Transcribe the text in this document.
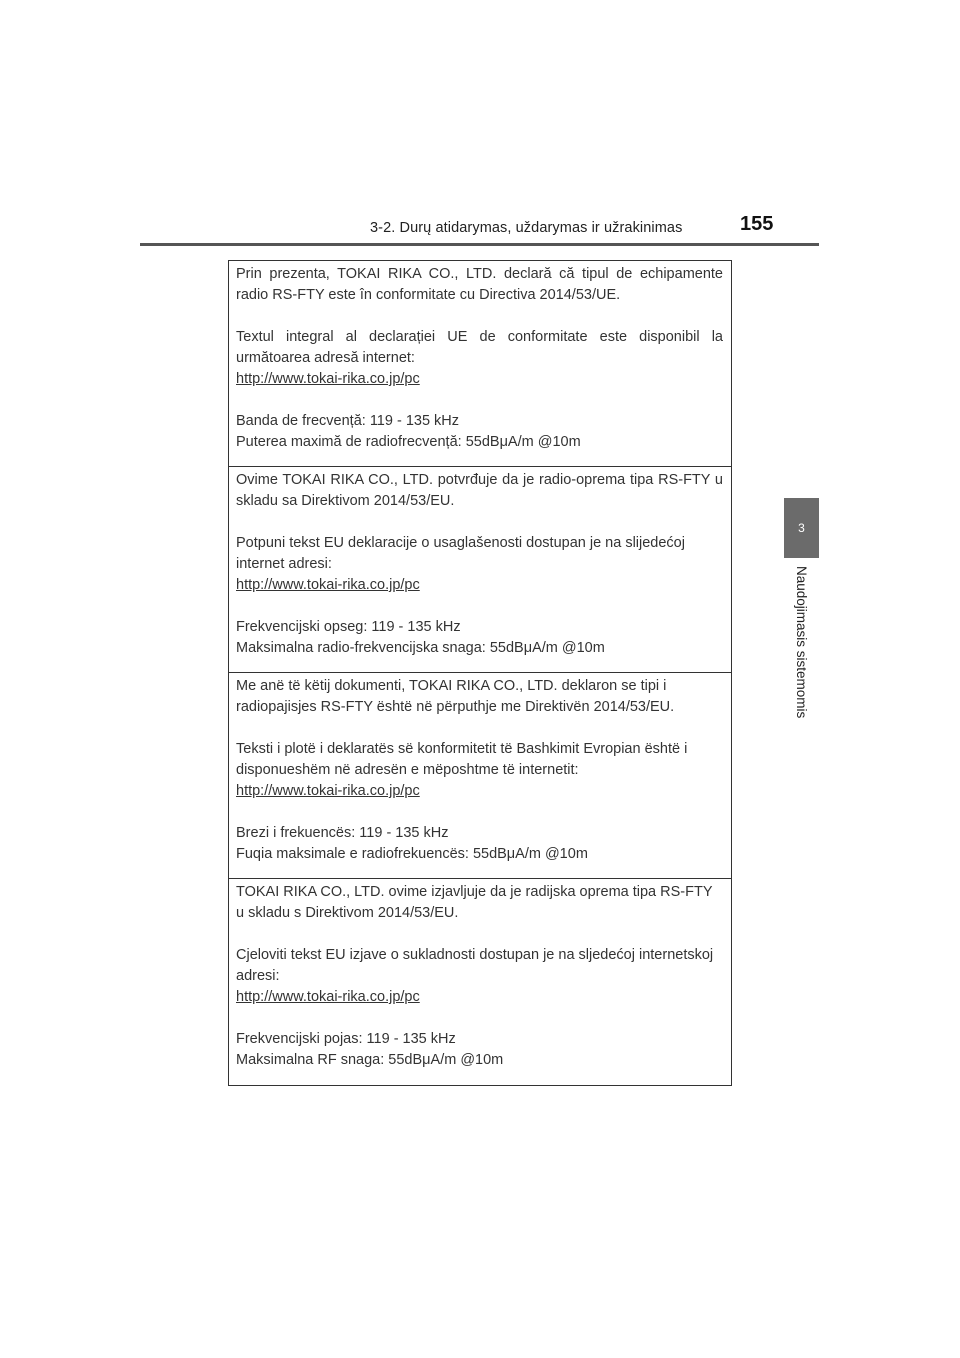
3-2. Durų atidarymas, uždarymas ir užrakinimas	155
3
Naudojimasis sistemomis

Prin prezenta, TOKAI RIKA CO., LTD. declară că tipul de echipamente radio RS-FTY este în conformitate cu Directiva 2014/53/UE.

Textul integral al declarației UE de conformitate este disponibil la următoarea adresă internet:

http://www.tokai-rika.co.jp/pc

Banda de frecvență: 119 - 135 kHz

Puterea maximă de radiofrecvență: 55dBμA/m @10m

Ovime TOKAI RIKA CO., LTD. potvrđuje da je radio-oprema tipa RS-FTY u skladu sa Direktivom 2014/53/EU.

Potpuni tekst EU deklaracije o usaglašenosti dostupan je na slijedećoj internet adresi:

http://www.tokai-rika.co.jp/pc

Frekvencijski opseg: 119 - 135 kHz

Maksimalna radio-frekvencijska snaga: 55dBμA/m @10m

Me anë të këtij dokumenti, TOKAI RIKA CO., LTD. deklaron se tipi i radiopajisjes RS-FTY është në përputhje me Direktivën 2014/53/EU.

Teksti i plotë i deklaratës së konformitetit të Bashkimit Evropian është i disponueshëm në adresën e mëposhtme të internetit:

http://www.tokai-rika.co.jp/pc

Brezi i frekuencës: 119 - 135 kHz

Fuqia maksimale e radiofrekuencës: 55dBμA/m @10m

TOKAI RIKA CO., LTD. ovime izjavljuje da je radijska oprema tipa RS-FTY u skladu s Direktivom 2014/53/EU.

Cjeloviti tekst EU izjave o sukladnosti dostupan je na sljedećoj internetskoj adresi:

http://www.tokai-rika.co.jp/pc

Frekvencijski pojas: 119 - 135 kHz

Maksimalna RF snaga: 55dBμA/m @10m
